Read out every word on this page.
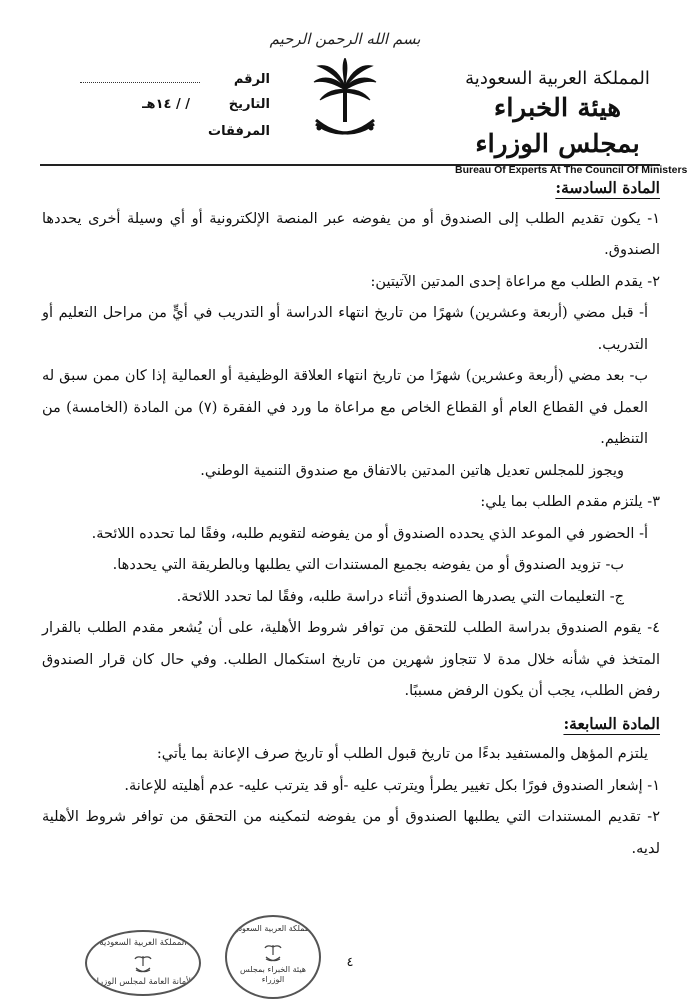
بسم الله الرحمن الرحيم
المملكة العربية السعودية
هيئة الخبراء بمجلس الوزراء
Bureau Of Experts At The Council Of Ministers
الرقم
التاريخ
/ / ١٤هـ
المرفقات

المادة السادسة:

١- يكون تقديم الطلب إلى الصندوق أو من يفوضه عبر المنصة الإلكترونية أو أي وسيلة أخرى يحددها الصندوق.

٢- يقدم الطلب مع مراعاة إحدى المدتين الآتيتين:

أ- قبل مضي (أربعة وعشرين) شهرًا من تاريخ انتهاء الدراسة أو التدريب في أيٍّ من مراحل التعليم أو التدريب.

ب- بعد مضي (أربعة وعشرين) شهرًا من تاريخ انتهاء العلاقة الوظيفية أو العمالية إذا كان ممن سبق له العمل في القطاع العام أو القطاع الخاص مع مراعاة ما ورد في الفقرة (٧) من المادة (الخامسة) من التنظيم.

ويجوز للمجلس تعديل هاتين المدتين بالاتفاق مع صندوق التنمية الوطني.

٣- يلتزم مقدم الطلب بما يلي:

أ- الحضور في الموعد الذي يحدده الصندوق أو من يفوضه لتقويم طلبه، وفقًا لما تحدده اللائحة.

ب- تزويد الصندوق أو من يفوضه بجميع المستندات التي يطلبها وبالطريقة التي يحددها.

ج- التعليمات التي يصدرها الصندوق أثناء دراسة طلبه، وفقًا لما تحدد اللائحة.

٤- يقوم الصندوق بدراسة الطلب للتحقق من توافر شروط الأهلية، على أن يُشعر مقدم الطلب بالقرار المتخذ في شأنه خلال مدة لا تتجاوز شهرين من تاريخ استكمال الطلب. وفي حال كان قرار الصندوق رفض الطلب، يجب أن يكون الرفض مسببًا.

المادة السابعة:

يلتزم المؤهل والمستفيد بدءًا من تاريخ قبول الطلب أو تاريخ صرف الإعانة بما يأتي:

١- إشعار الصندوق فورًا بكل تغيير يطرأ ويترتب عليه -أو قد يترتب عليه- عدم أهليته للإعانة.

٢- تقديم المستندات التي يطلبها الصندوق أو من يفوضه لتمكينه من التحقق من توافر شروط الأهلية لديه.

٤
المملكة العربية السعودية
الأمانة العامة لمجلس الوزراء
المملكة العربية السعودية
هيئة الخبراء بمجلس الوزراء
